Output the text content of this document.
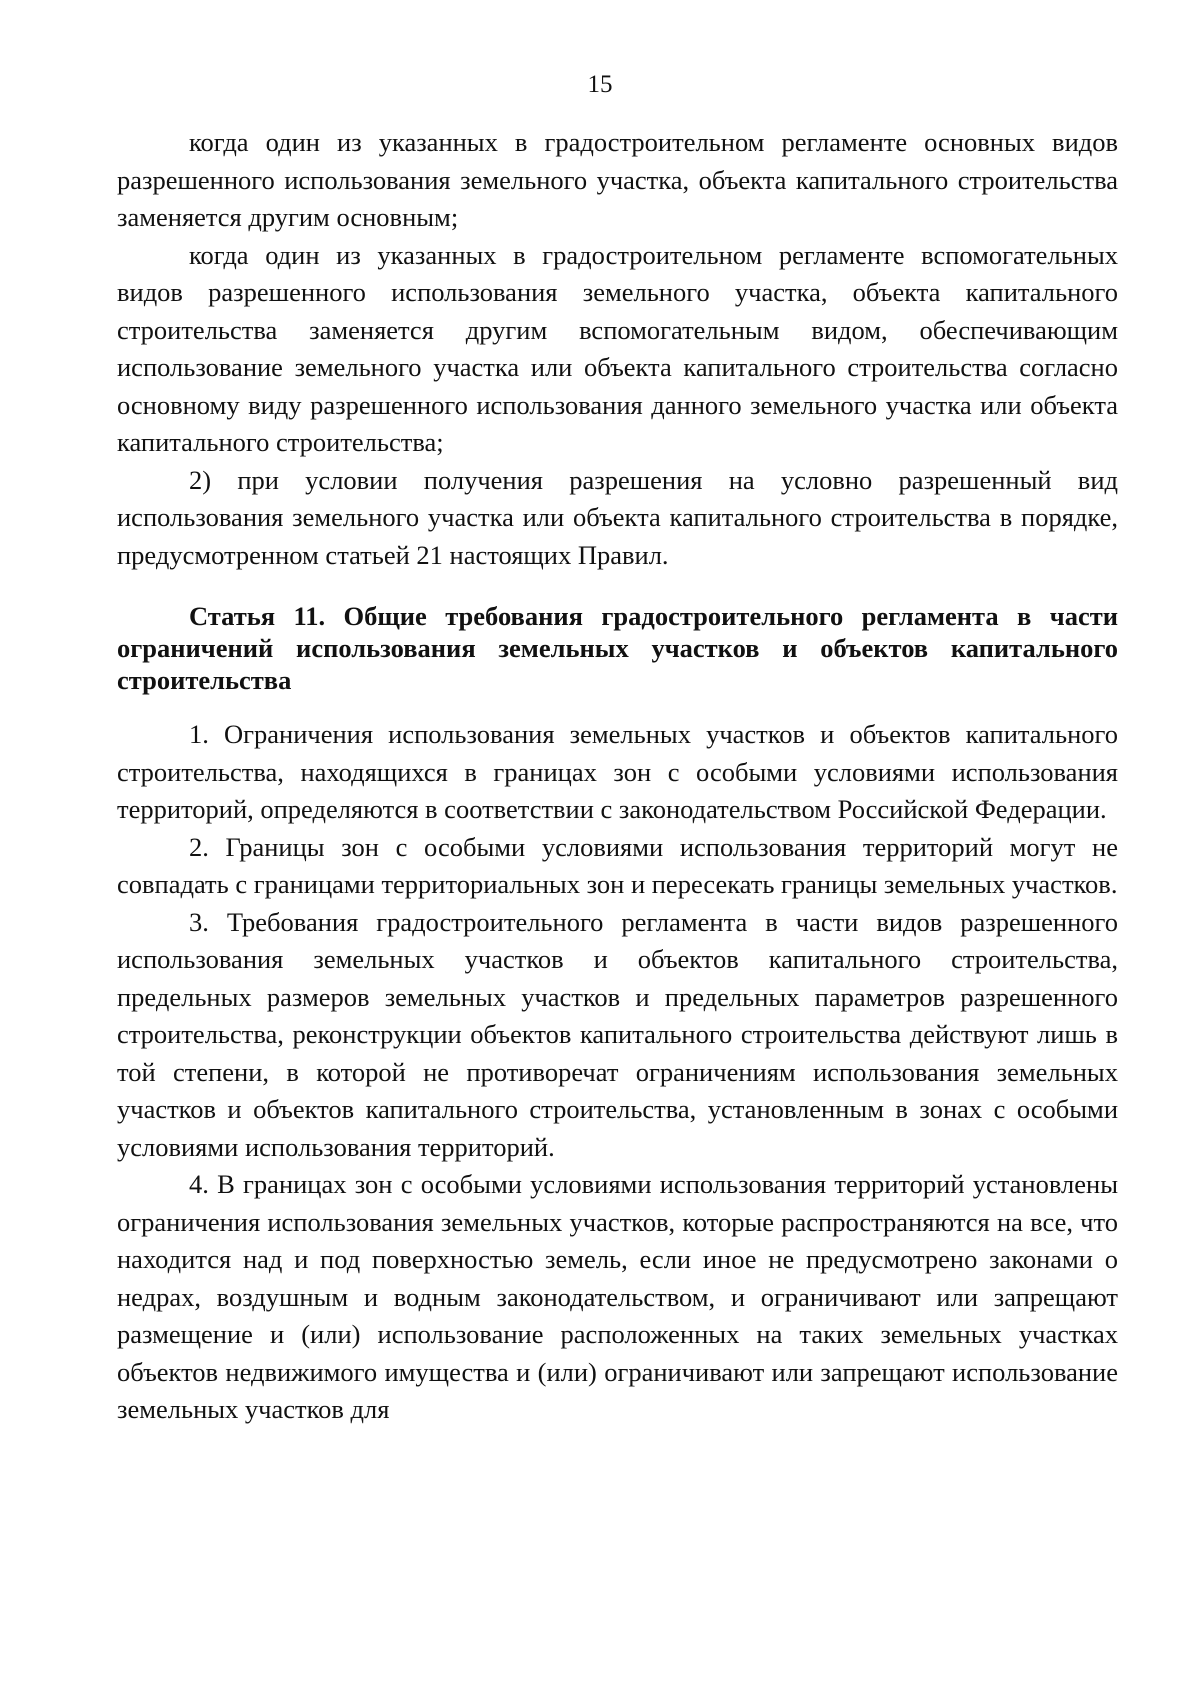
15

когда один из указанных в градостроительном регламенте основных видов разрешенного использования земельного участка, объекта капитального строительства заменяется другим основным;

когда один из указанных в градостроительном регламенте вспомогательных видов разрешенного использования земельного участка, объекта капитального строительства заменяется другим вспомогательным видом, обеспечивающим использование земельного участка или объекта капитального строительства согласно основному виду разрешенного использования данного земельного участка или объекта капитального строительства;

2) при условии получения разрешения на условно разрешенный вид использования земельного участка или объекта капитального строительства в порядке, предусмотренном статьей 21 настоящих Правил.

Статья 11. Общие требования градостроительного регламента в части ограничений использования земельных участков и объектов капитального строительства

1. Ограничения использования земельных участков и объектов капитального строительства, находящихся в границах зон с особыми условиями использования территорий, определяются в соответствии с законодательством Российской Федерации.

2. Границы зон с особыми условиями использования территорий могут не совпадать с границами территориальных зон и пересекать границы земельных участков.

3. Требования градостроительного регламента в части видов разрешенного использования земельных участков и объектов капитального строительства, предельных размеров земельных участков и предельных параметров разрешенного строительства, реконструкции объектов капитального строительства действуют лишь в той степени, в которой не противоречат ограничениям использования земельных участков и объектов капитального строительства, установленным в зонах с особыми условиями использования территорий.

4. В границах зон с особыми условиями использования территорий установлены ограничения использования земельных участков, которые распространяются на все, что находится над и под поверхностью земель, если иное не предусмотрено законами о недрах, воздушным и водным законодательством, и ограничивают или запрещают размещение и (или) использование расположенных на таких земельных участках объектов недвижимого имущества и (или) ограничивают или запрещают использование земельных участков для
